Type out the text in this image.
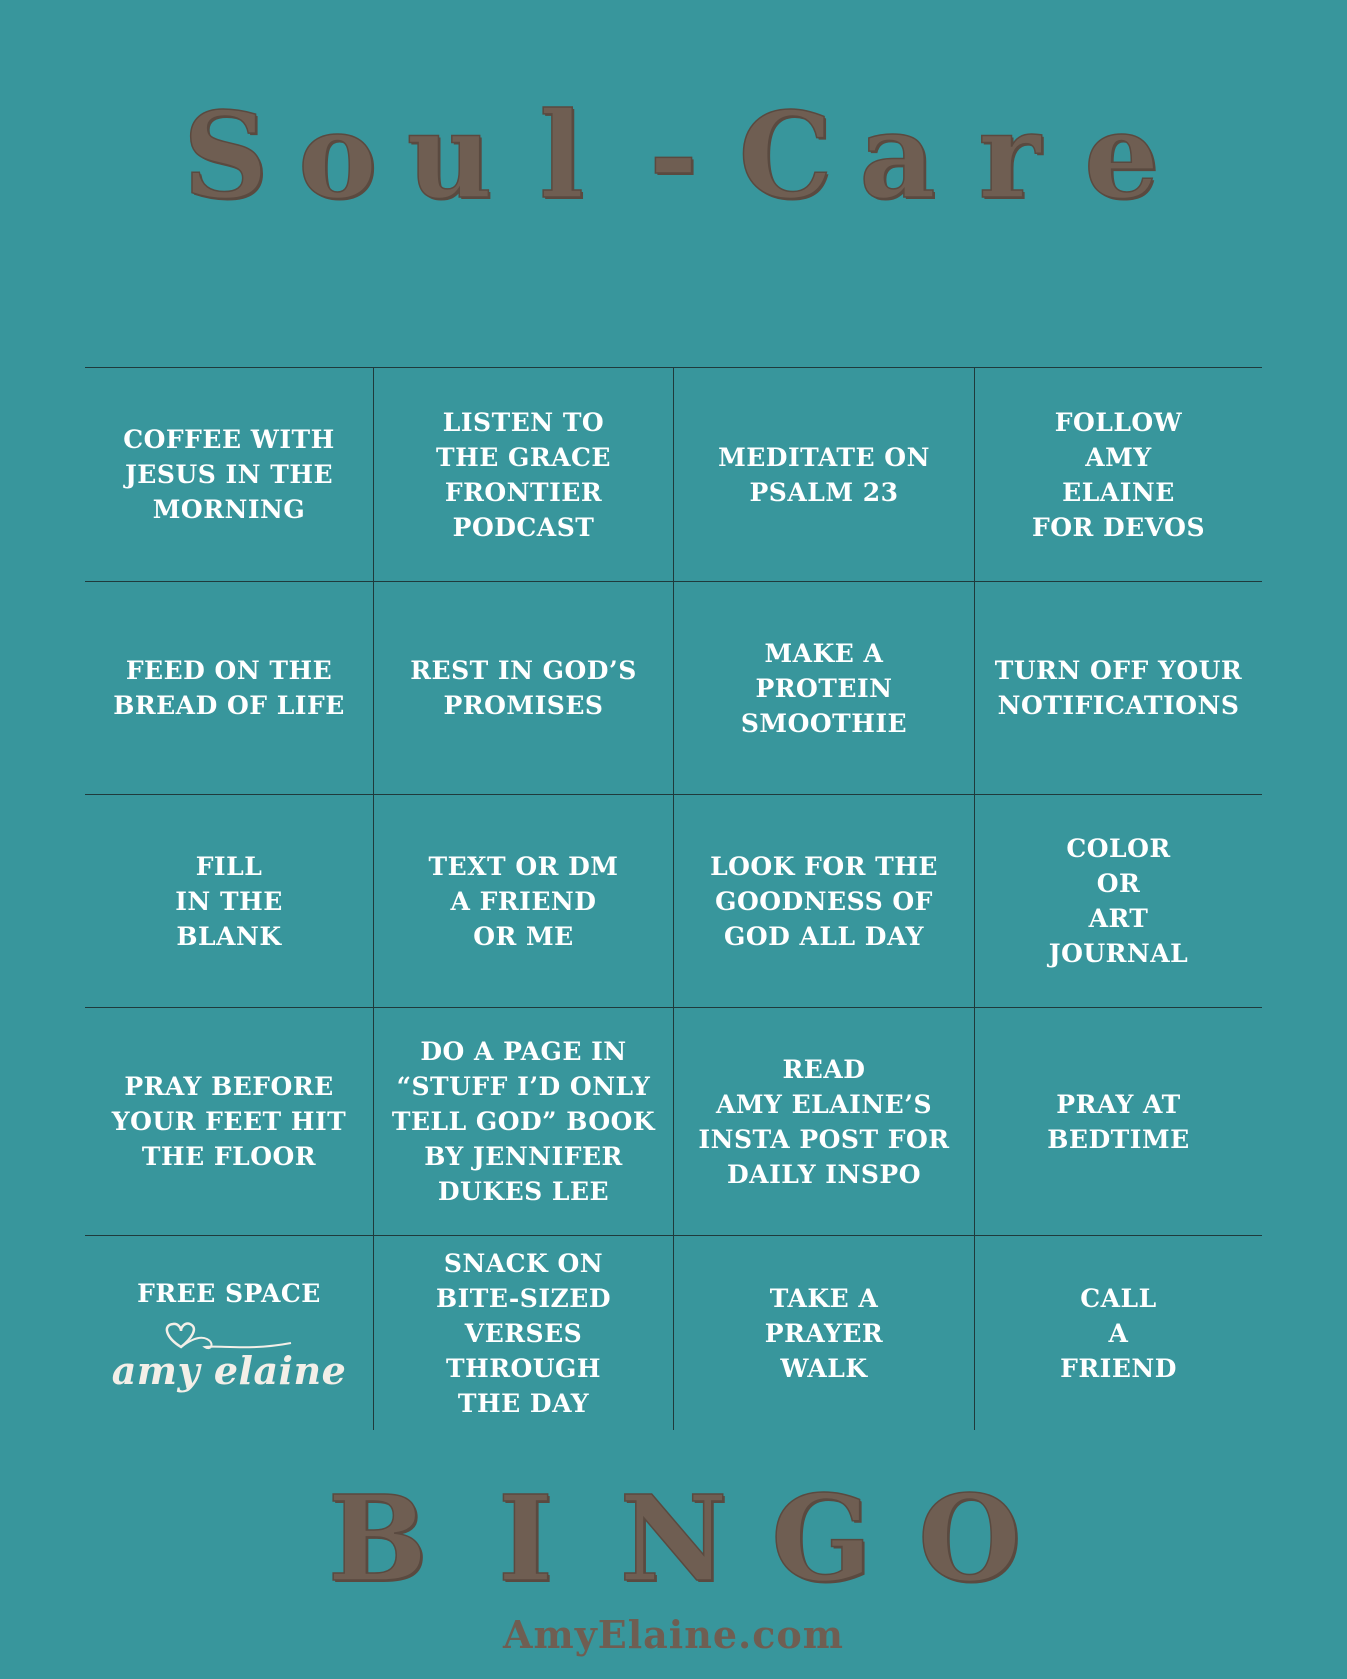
S o u l - C a r e
COFFEE WITH
JESUS IN THE
MORNING
LISTEN TO
THE GRACE
FRONTIER
PODCAST
MEDITATE ON
PSALM 23
FOLLOW
AMY
ELAINE
FOR DEVOS
FEED ON THE
BREAD OF LIFE
REST IN GOD’S
PROMISES
MAKE A
PROTEIN
SMOOTHIE
TURN OFF YOUR
NOTIFICATIONS
FILL
IN THE
BLANK
TEXT OR DM
A FRIEND
OR ME
LOOK FOR THE
GOODNESS OF
GOD ALL DAY
COLOR
OR
ART
JOURNAL
PRAY BEFORE
YOUR FEET HIT
THE FLOOR
DO A PAGE IN
“STUFF I’D ONLY
TELL GOD” BOOK
BY JENNIFER
DUKES LEE
READ
AMY ELAINE’S
INSTA POST FOR
DAILY INSPO
PRAY AT
BEDTIME
FREE SPACE
amy elaine
SNACK ON
BITE-SIZED
VERSES THROUGH
THE DAY
TAKE A
PRAYER
WALK
CALL
A
FRIEND
B I N G O
AmyElaine.com
